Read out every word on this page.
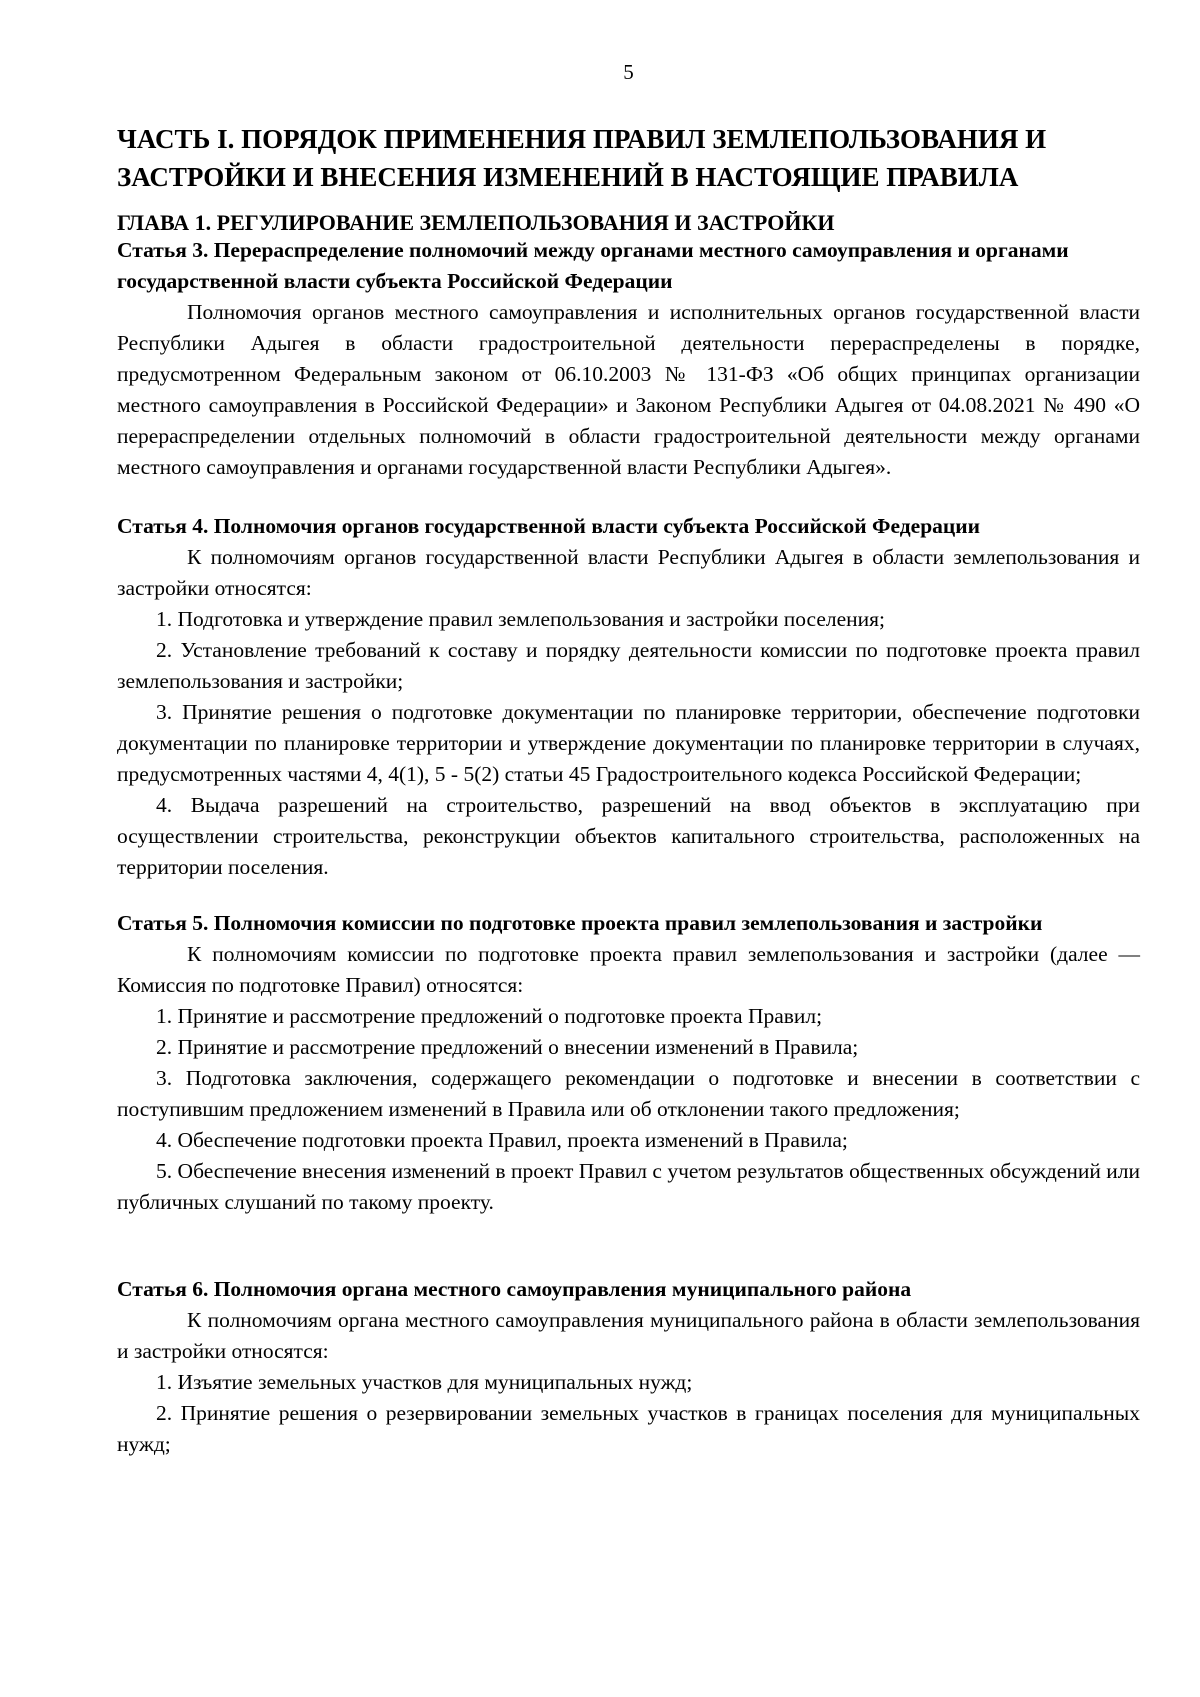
5
ЧАСТЬ I. ПОРЯДОК ПРИМЕНЕНИЯ ПРАВИЛ ЗЕМЛЕПОЛЬЗОВАНИЯ И ЗАСТРОЙКИ И ВНЕСЕНИЯ ИЗМЕНЕНИЙ В НАСТОЯЩИЕ ПРАВИЛА
ГЛАВА 1. РЕГУЛИРОВАНИЕ ЗЕМЛЕПОЛЬЗОВАНИЯ И ЗАСТРОЙКИ
Статья 3. Перераспределение полномочий между органами местного самоуправления и органами государственной власти субъекта Российской Федерации

Полномочия органов местного самоуправления и исполнительных органов государственной власти Республики Адыгея в области градостроительной деятельности перераспределены в порядке, предусмотренном Федеральным законом от 06.10.2003 № 131-ФЗ «Об общих принципах организации местного самоуправления в Российской Федерации» и Законом Республики Адыгея от 04.08.2021 № 490 «О перераспределении отдельных полномочий в области градостроительной деятельности между органами местного самоуправления и органами государственной власти Республики Адыгея».

Статья 4. Полномочия органов государственной власти субъекта Российской Федерации

К полномочиям органов государственной власти Республики Адыгея в области землепользования и застройки относятся:

1. Подготовка и утверждение правил землепользования и застройки поселения;

2. Установление требований к составу и порядку деятельности комиссии по подготовке проекта правил землепользования и застройки;

3. Принятие решения о подготовке документации по планировке территории, обеспечение подготовки документации по планировке территории и утверждение документации по планировке территории в случаях, предусмотренных частями 4, 4(1), 5 - 5(2) статьи 45 Градостроительного кодекса Российской Федерации;

4. Выдача разрешений на строительство, разрешений на ввод объектов в эксплуатацию при осуществлении строительства, реконструкции объектов капитального строительства, расположенных на территории поселения.

Статья 5. Полномочия комиссии по подготовке проекта правил землепользования и застройки

К полномочиям комиссии по подготовке проекта правил землепользования и застройки (далее — Комиссия по подготовке Правил) относятся:

1. Принятие и рассмотрение предложений о подготовке проекта Правил;

2. Принятие и рассмотрение предложений о внесении изменений в Правила;

3. Подготовка заключения, содержащего рекомендации о подготовке и внесении в соответствии с поступившим предложением изменений в Правила или об отклонении такого предложения;

4. Обеспечение подготовки проекта Правил, проекта изменений в Правила;

5. Обеспечение внесения изменений в проект Правил с учетом результатов общественных обсуждений или публичных слушаний по такому проекту.

Статья 6. Полномочия органа местного самоуправления муниципального района

К полномочиям органа местного самоуправления муниципального района в области землепользования и застройки относятся:

1. Изъятие земельных участков для муниципальных нужд;

2. Принятие решения о резервировании земельных участков в границах поселения для муниципальных нужд;
